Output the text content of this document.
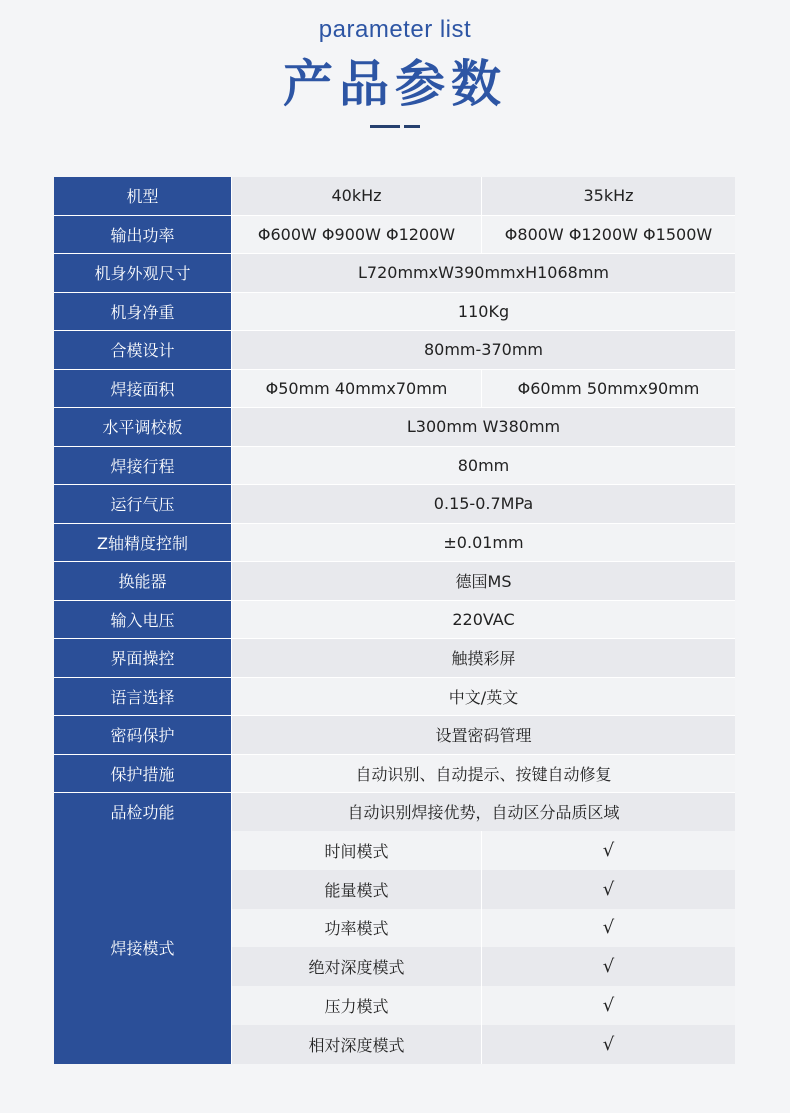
parameter list
产品参数
机型	40kHz	35kHz
输出功率	Φ600W Φ900W Φ1200W	Φ800W Φ1200W Φ1500W
机身外观尺寸	L720mmxW390mmxH1068mm
机身净重	110Kg
合模设计	80mm-370mm
焊接面积	Φ50mm 40mmx70mm	Φ60mm 50mmx90mm
水平调校板	L300mm W380mm
焊接行程	80mm
运行气压	0.15-0.7MPa
Z轴精度控制	±0.01mm
换能器	德国MS
输入电压	220VAC
界面操控	触摸彩屏
语言选择	中文/英文
密码保护	设置密码管理
保护措施	自动识别、自动提示、按键自动修复
品检功能	自动识别焊接优势，自动区分品质区域
焊接模式
时间模式	√
能量模式	√
功率模式	√
绝对深度模式	√
压力模式	√
相对深度模式	√
